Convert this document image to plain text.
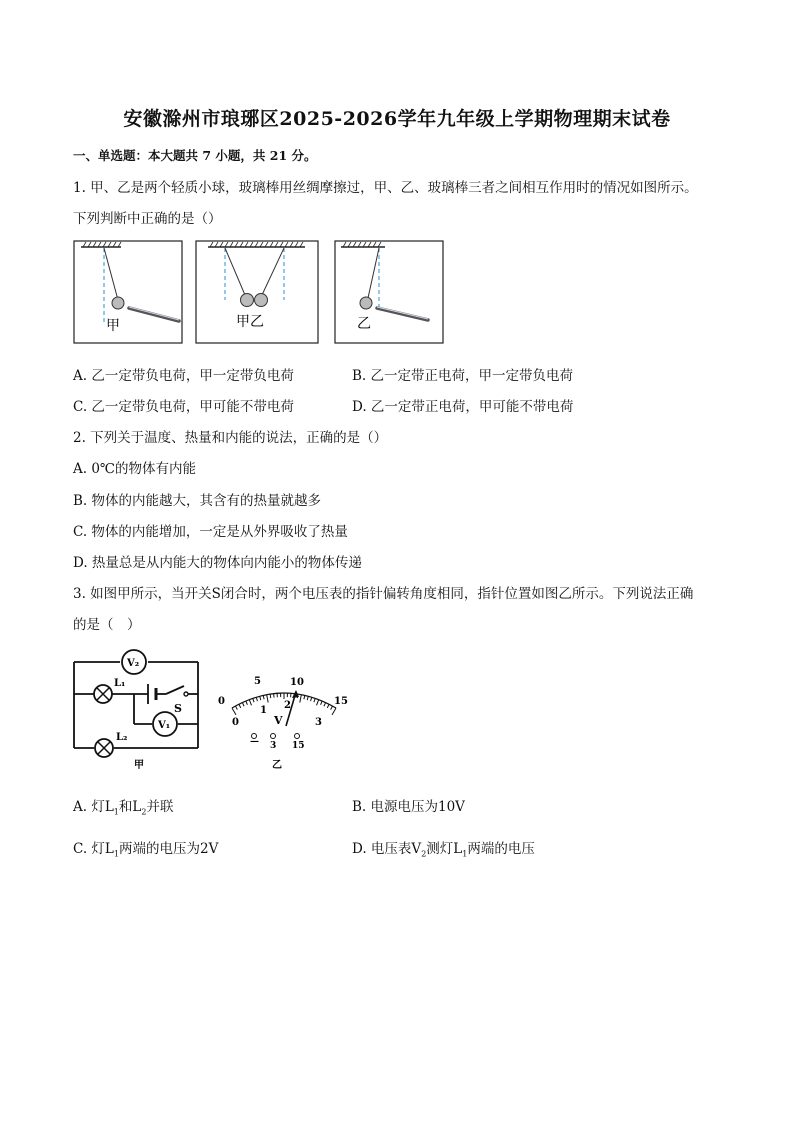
安徽滁州市琅琊区2025-2026学年九年级上学期物理期末试卷
一、单选题：本大题共 7 小题，共 21 分。
1. 甲、乙是两个轻质小球，玻璃棒用丝绸摩擦过，甲、乙、玻璃棒三者之间相互作用时的情况如图所示。
下列判断中正确的是（）
甲	甲乙	乙
A. 乙一定带负电荷，甲一定带负电荷	B. 乙一定带正电荷，甲一定带负电荷
C. 乙一定带负电荷，甲可能不带电荷	D. 乙一定带正电荷，甲可能不带电荷
2. 下列关于温度、热量和内能的说法，正确的是（）
A. 0℃的物体有内能
B. 物体的内能越大，其含有的热量就越多
C. 物体的内能增加，一定是从外界吸收了热量
D. 热量总是从内能大的物体向内能小的物体传递
3. 如图甲所示，当开关S闭合时，两个电压表的指针偏转角度相同，指针位置如图乙所示。下列说法正确
的是（　）
V₂
L₁
S
V₁
L₂
甲
0
5	10
15
0
1 2
3
V
— 3 15
乙
A. 灯$L_1$和$L_2$并联	B. 电源电压为10V
C. 灯$L_1$两端的电压为2V	D. 电压表$V_2$测灯$L_1$两端的电压
